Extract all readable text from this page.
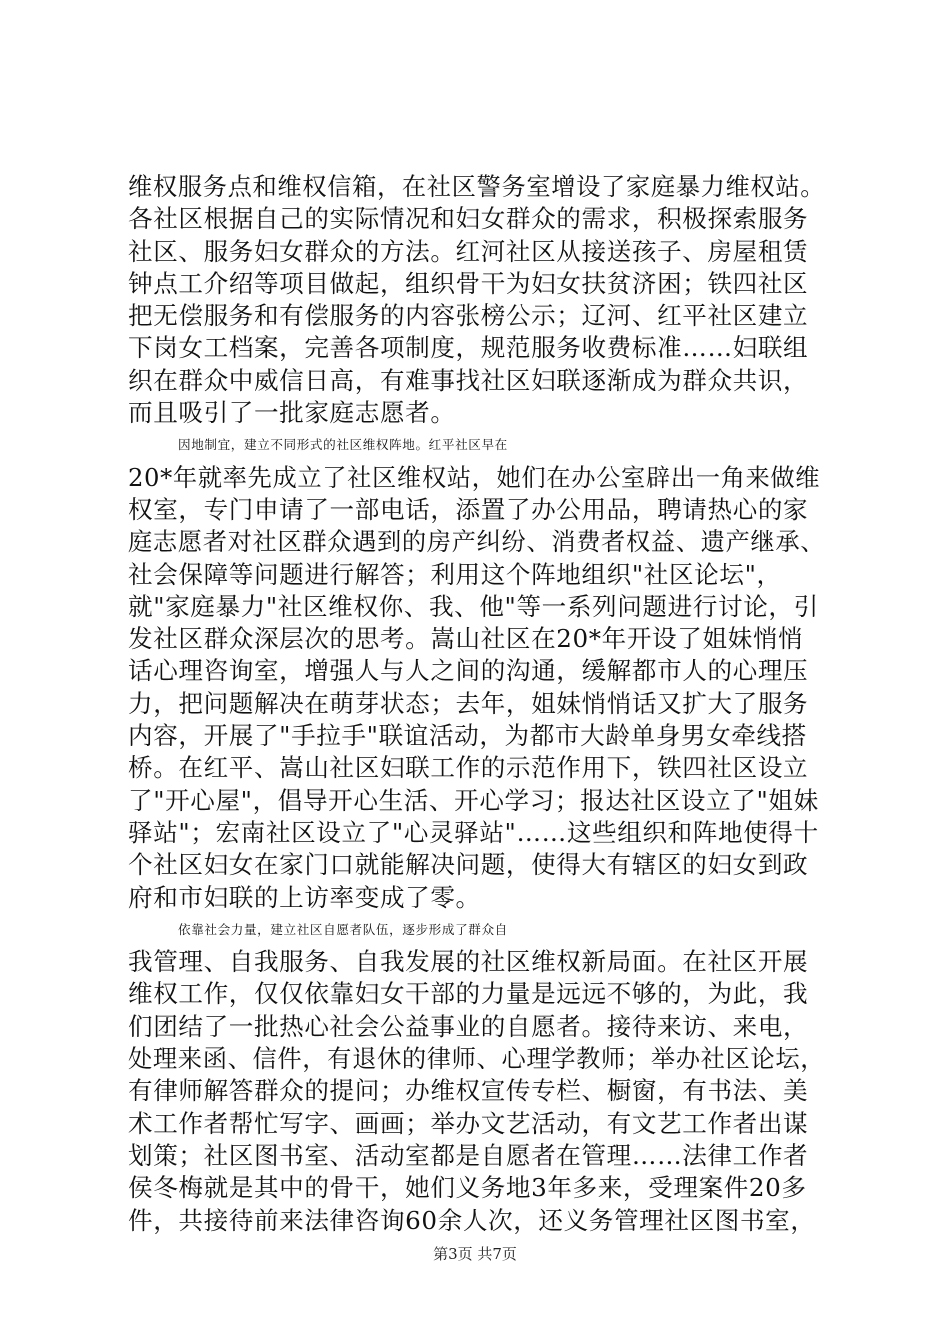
维权服务点和维权信箱，在社区警务室增设了家庭暴力维权站。
各社区根据自己的实际情况和妇女群众的需求，积极探索服务
社区、服务妇女群众的方法。红河社区从接送孩子、房屋租赁
钟点工介绍等项目做起，组织骨干为妇女扶贫济困；铁四社区
把无偿服务和有偿服务的内容张榜公示；辽河、红平社区建立
下岗女工档案，完善各项制度，规范服务收费标准……妇联组
织在群众中威信日高，有难事找社区妇联逐渐成为群众共识，
而且吸引了一批家庭志愿者。
因地制宜，建立不同形式的社区维权阵地。红平社区早在
20*年就率先成立了社区维权站，她们在办公室辟出一角来做维
权室，专门申请了一部电话，添置了办公用品，聘请热心的家
庭志愿者对社区群众遇到的房产纠纷、消费者权益、遗产继承、
社会保障等问题进行解答；利用这个阵地组织"社区论坛"，
就"家庭暴力"社区维权你、我、他"等一系列问题进行讨论，引
发社区群众深层次的思考。嵩山社区在20*年开设了姐妹悄悄
话心理咨询室，增强人与人之间的沟通，缓解都市人的心理压
力，把问题解决在萌芽状态；去年，姐妹悄悄话又扩大了服务
内容，开展了"手拉手"联谊活动，为都市大龄单身男女牵线搭
桥。在红平、嵩山社区妇联工作的示范作用下，铁四社区设立
了"开心屋"，倡导开心生活、开心学习；报达社区设立了"姐妹
驿站"；宏南社区设立了"心灵驿站"……这些组织和阵地使得十
个社区妇女在家门口就能解决问题，使得大有辖区的妇女到政
府和市妇联的上访率变成了零。
依靠社会力量，建立社区自愿者队伍，逐步形成了群众自
我管理、自我服务、自我发展的社区维权新局面。在社区开展
维权工作，仅仅依靠妇女干部的力量是远远不够的，为此，我
们团结了一批热心社会公益事业的自愿者。接待来访、来电，
处理来函、信件，有退休的律师、心理学教师；举办社区论坛，
有律师解答群众的提问；办维权宣传专栏、橱窗，有书法、美
术工作者帮忙写字、画画；举办文艺活动，有文艺工作者出谋
划策；社区图书室、活动室都是自愿者在管理……法律工作者
侯冬梅就是其中的骨干，她们义务地3年多来，受理案件20多
件，共接待前来法律咨询60余人次，还义务管理社区图书室，
第3页 共7页
